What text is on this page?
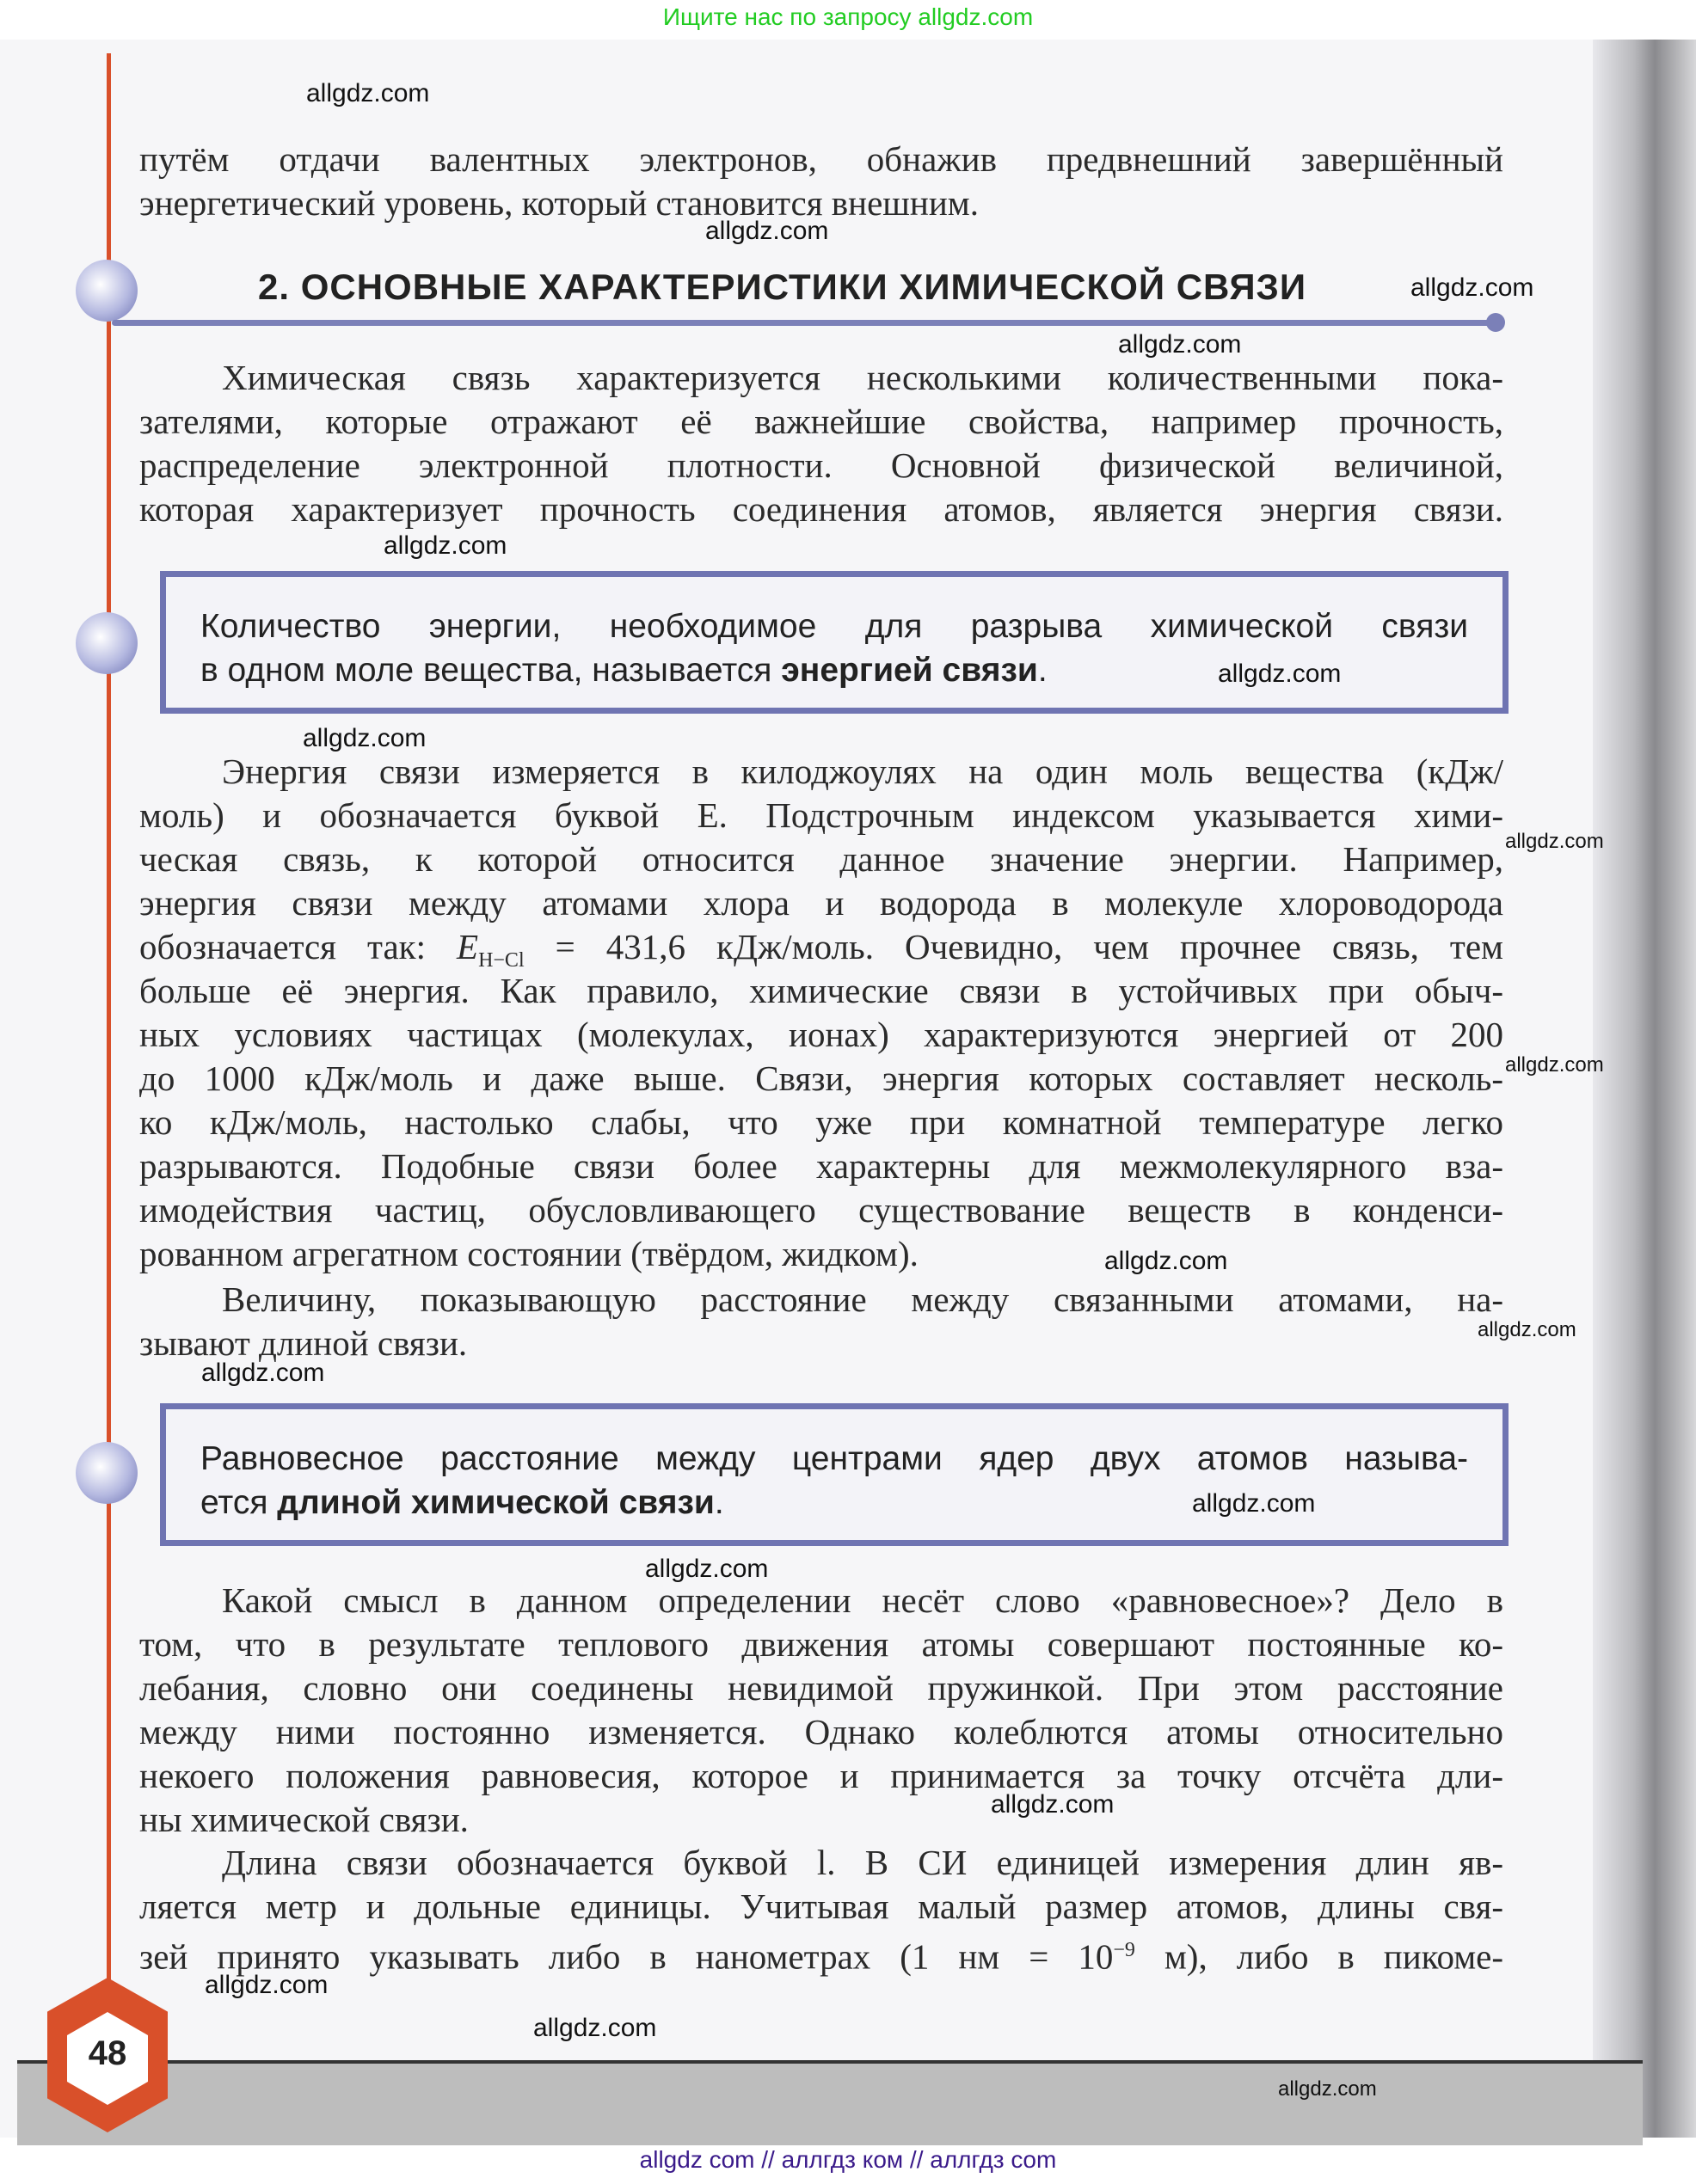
Ищите нас по запросу allgdz.com
путём отдачи валентных электронов, обнажив предвнешний завершённый
энергетический уровень, который становится внешним.
2. ОСНОВНЫЕ ХАРАКТЕРИСТИКИ ХИМИЧЕСКОЙ СВЯЗИ
Химическая связь характеризуется несколькими количественными пока-
зателями, которые отражают её важнейшие свойства, например прочность,
распределение электронной плотности. Основной физической величиной,
которая характеризует прочность соединения атомов, является энергия связи.
Количество энергии, необходимое для разрыва химической связи
в одном моле вещества, называется энергией связи.
Энергия связи измеряется в килоджоулях на один моль вещества (кДж/
моль) и обозначается буквой E. Подстрочным индексом указывается хими-
ческая связь, к которой относится данное значение энергии. Например,
энергия связи между атомами хлора и водорода в молекуле хлороводорода
обозначается так: $E_{H-Cl} = 431,6$ кДж/моль. Очевидно, чем прочнее связь, тем
больше её энергия. Как правило, химические связи в устойчивых при обыч-
ных условиях частицах (молекулах, ионах) характеризуются энергией от 200
до 1000 кДж/моль и даже выше. Связи, энергия которых составляет несколь-
ко кДж/моль, настолько слабы, что уже при комнатной температуре легко
разрываются. Подобные связи более характерны для межмолекулярного вза-
имодействия частиц, обусловливающего существование веществ в конденси-
рованном агрегатном состоянии (твёрдом, жидком).
Величину, показывающую расстояние между связанными атомами, на-
зывают длиной связи.
Равновесное расстояние между центрами ядер двух атомов называ-
ется длиной химической связи.
Какой смысл в данном определении несёт слово «равновесное»? Дело в
том, что в результате теплового движения атомы совершают постоянные ко-
лебания, словно они соединены невидимой пружинкой. При этом расстояние
между ними постоянно изменяется. Однако колеблются атомы относительно
некоего положения равновесия, которое и принимается за точку отсчёта дли-
ны химической связи.
Длина связи обозначается буквой l. В СИ единицей измерения длин яв-
ляется метр и дольные единицы. Учитывая малый размер атомов, длины свя-
зей принято указывать либо в нанометрах (1 нм = $10^{-9}$ м), либо в пикоме-
48
allgdz.com
allgdz.com
allgdz.com
allgdz.com
allgdz.com
allgdz.com
allgdz.com
allgdz.com
allgdz.com
allgdz.com
allgdz.com
allgdz.com
allgdz.com
allgdz.com
allgdz.com
allgdz.com
allgdz.com
allgdz.com
allgdz com // аллгдз ком // аллгдз com
